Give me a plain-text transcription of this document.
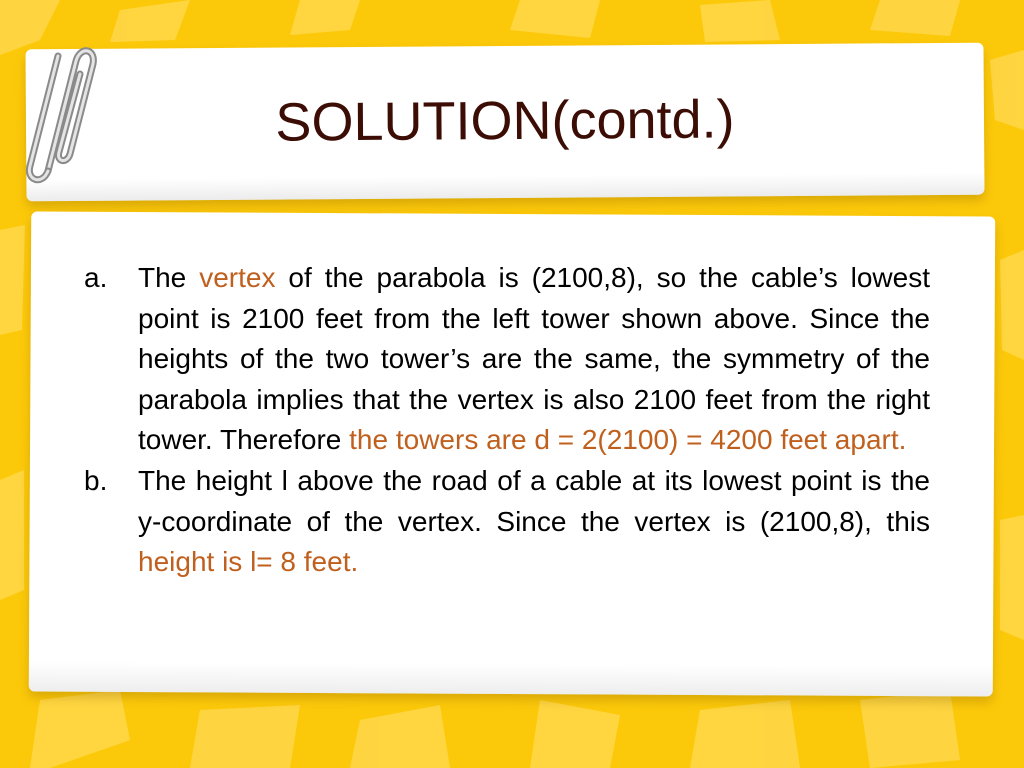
SOLUTION(contd.)
a. The vertex of the parabola is (2100,8), so the cable’s lowest point is 2100 feet from the left tower shown above. Since the heights of the two tower’s are the same, the symmetry of the parabola implies that the vertex is also 2100 feet from the right tower. Therefore the towers are d = 2(2100) = 4200 feet apart.
b. The height l above the road of a cable at its lowest point is the y-coordinate of the vertex. Since the vertex is (2100,8), this height is l= 8 feet.
